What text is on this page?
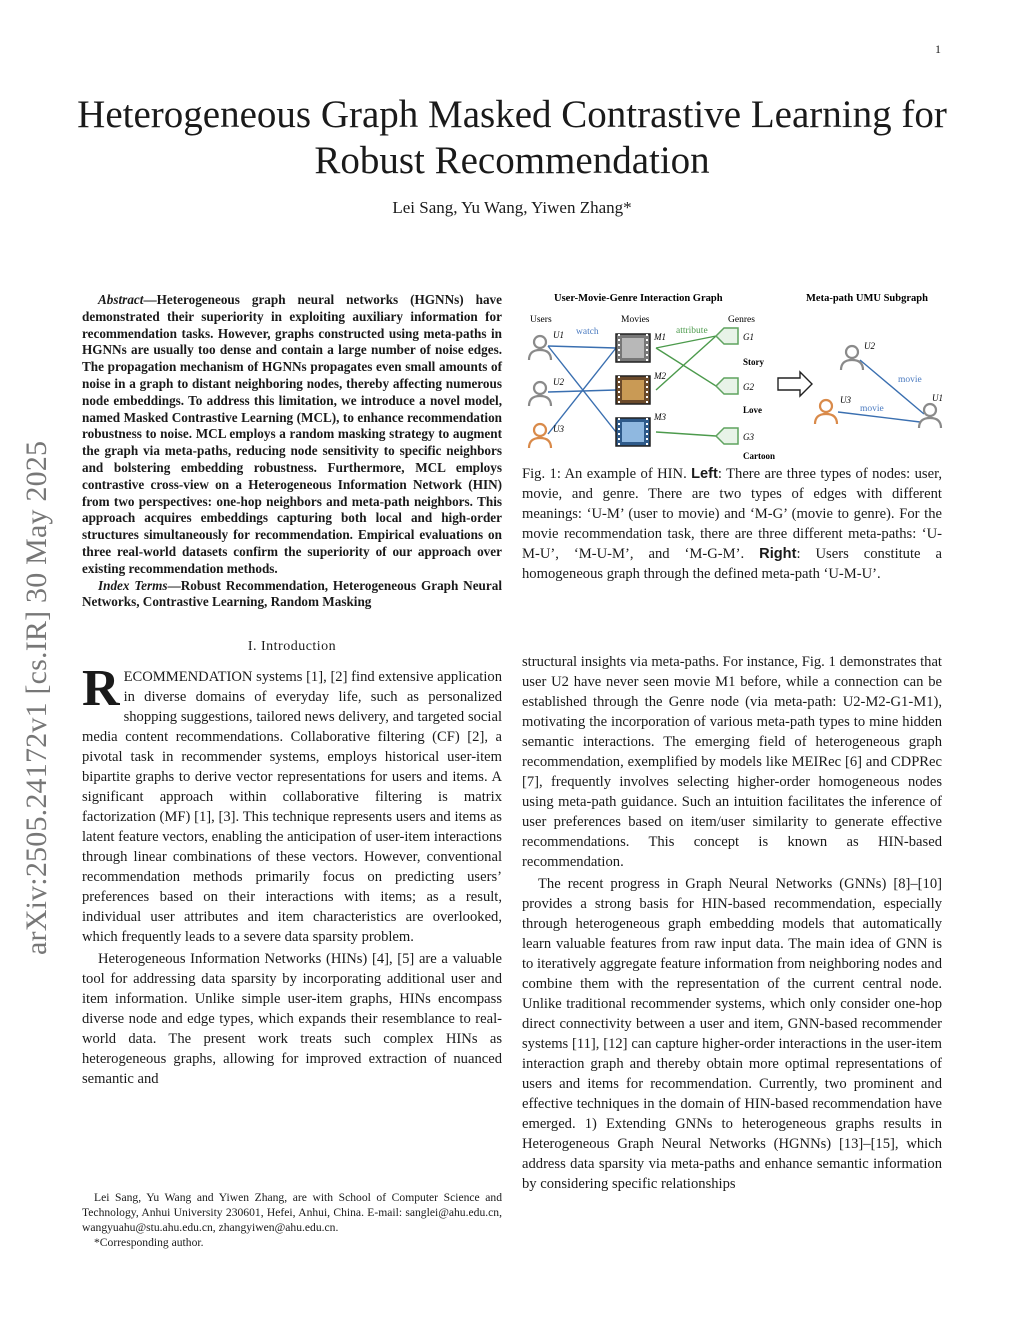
1
Heterogeneous Graph Masked Contrastive Learning for Robust Recommendation
Lei Sang, Yu Wang, Yiwen Zhang*
arXiv:2505.24172v1 [cs.IR] 30 May 2025

Abstract—Heterogeneous graph neural networks (HGNNs) have demonstrated their superiority in exploiting auxiliary information for recommendation tasks. However, graphs constructed using meta-paths in HGNNs are usually too dense and contain a large number of noise edges. The propagation mechanism of HGNNs propagates even small amounts of noise in a graph to distant neighboring nodes, thereby affecting numerous node embeddings. To address this limitation, we introduce a novel model, named Masked Contrastive Learning (MCL), to enhance recommendation robustness to noise. MCL employs a random masking strategy to augment the graph via meta-paths, reducing node sensitivity to specific neighbors and bolstering embedding robustness. Furthermore, MCL employs contrastive cross-view on a Heterogeneous Information Network (HIN) from two perspectives: one-hop neighbors and meta-path neighbors. This approach acquires embeddings capturing both local and high-order structures simultaneously for recommendation. Empirical evaluations on three real-world datasets confirm the superiority of our approach over existing recommendation methods.

Index Terms—Robust Recommendation, Heterogeneous Graph Neural Networks, Contrastive Learning, Random Masking

I. Introduction

RECOMMENDATION systems [1], [2] find extensive application in diverse domains of everyday life, such as personalized shopping suggestions, tailored news delivery, and targeted social media content recommendations. Collaborative filtering (CF) [2], a pivotal task in recommender systems, employs historical user-item bipartite graphs to derive vector representations for users and items. A significant approach within collaborative filtering is matrix factorization (MF) [1], [3]. This technique represents users and items as latent feature vectors, enabling the anticipation of user-item interactions through linear combinations of these vectors. However, conventional recommendation methods primarily focus on predicting users’ preferences based on their interactions with items; as a result, individual user attributes and item characteristics are overlooked, which frequently leads to a severe data sparsity problem.

Heterogeneous Information Networks (HINs) [4], [5] are a valuable tool for addressing data sparsity by incorporating additional user and item information. Unlike simple user-item graphs, HINs encompass diverse node and edge types, which expands their resemblance to real-world data. The present work treats such complex HINs as heterogeneous graphs, allowing for improved extraction of nuanced semantic and

Lei Sang, Yu Wang and Yiwen Zhang, are with School of Computer Science and Technology, Anhui University 230601, Hefei, Anhui, China. E-mail: sanglei@ahu.edu.cn, wangyuahu@stu.ahu.edu.cn, zhangyiwen@ahu.edu.cn.

*Corresponding author.

User-Movie-Genre Interaction Graph	Meta-path UMU Subgraph
Users	Movies	Genres
watch	attribute
U1
U2
U3
M1
M2
M3
G1
G2
G3
Story
Love
Cartoon
U2
U3	U1
movie
movie
Fig. 1: An example of HIN. Left: There are three types of nodes: user, movie, and genre. There are two types of edges with different meanings: ‘U-M’ (user to movie) and ‘M-G’ (movie to genre). For the movie recommendation task, there are three different meta-paths: ‘U-M-U’, ‘M-U-M’, and ‘M-G-M’. Right: Users constitute a homogeneous graph through the defined meta-path ‘U-M-U’.

structural insights via meta-paths. For instance, Fig. 1 demonstrates that user U2 have never seen movie M1 before, while a connection can be established through the Genre node (via meta-path: U2-M2-G1-M1), motivating the incorporation of various meta-path types to mine hidden semantic interactions. The emerging field of heterogeneous graph recommendation, exemplified by models like MEIRec [6] and CDPRec [7], frequently involves selecting higher-order homogeneous nodes using meta-path guidance. Such an intuition facilitates the inference of user preferences based on item/user similarity to generate effective recommendations. This concept is known as HIN-based recommendation.

The recent progress in Graph Neural Networks (GNNs) [8]–[10] provides a strong basis for HIN-based recommendation, especially through heterogeneous graph embedding models that automatically learn valuable features from raw input data. The main idea of GNN is to iteratively aggregate feature information from neighboring nodes and combine them with the representation of the current central node. Unlike traditional recommender systems, which only consider one-hop direct connectivity between a user and item, GNN-based recommender systems [11], [12] can capture higher-order interactions in the user-item interaction graph and thereby obtain more optimal representations of users and items for recommendation. Currently, two prominent and effective techniques in the domain of HIN-based recommendation have emerged. 1) Extending GNNs to heterogeneous graphs results in Heterogeneous Graph Neural Networks (HGNNs) [13]–[15], which address data sparsity via meta-paths and enhance semantic information by considering specific relationships
